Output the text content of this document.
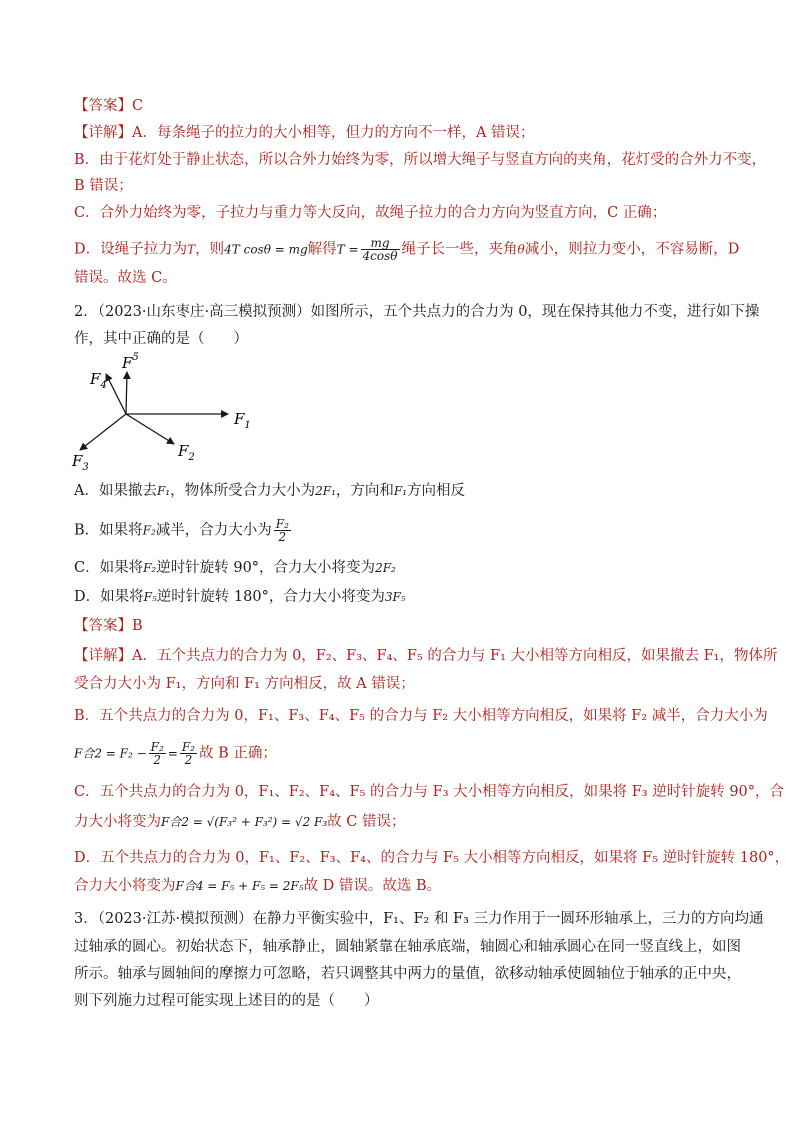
【答案】C
【详解】A．每条绳子的拉力的大小相等，但力的方向不一样，A 错误；
B．由于花灯处于静止状态，所以合外力始终为零，所以增大绳子与竖直方向的夹角，花灯受的合外力不变，
B 错误；
C．合外力始终为零，子拉力与重力等大反向，故绳子拉力的合力方向为竖直方向，C 正确；
D．设绳子拉力为T，则4T cosθ = mg解得$T = \frac{mg}{4\cos\theta}$ 绳子长一些，夹角θ减小，则拉力变小，不容易断，D
错误。故选 C。
2．（2023·山东枣庄·高三模拟预测）如图所示，五个共点力的合力为 0，现在保持其他力不变，进行如下操
作，其中正确的是（　　）
$F_1$
$F_2$
$F_3$
$F_4$
$F^5$
A．如果撤去F₁，物体所受合力大小为2F₁，方向和F₁方向相反
B．如果将F₂减半，合力大小为 $\frac{\text{F₂}}{2}$
C．如果将F₂逆时针旋转 90°，合力大小将变为2F₂
D．如果将F₅逆时针旋转 180°，合力大小将变为3F₅
【答案】B
【详解】A．五个共点力的合力为 0，F₂、F₃、F₄、F₅ 的合力与 F₁ 大小相等方向相反，如果撤去 F₁，物体所
受合力大小为 F₁，方向和 F₁ 方向相反，故 A 错误；
B．五个共点力的合力为 0，F₁、F₃、F₄、F₅ 的合力与 F₂ 大小相等方向相反，如果将 F₂ 减半，合力大小为
F合$2 = F_2 - \frac{\text{F₂}}{2} = \frac{\text{F₂}}{2}$ 故 B 正确；
C．五个共点力的合力为 0，F₁、F₂、F₄、F₅ 的合力与 F₃ 大小相等方向相反，如果将 F₃ 逆时针旋转 90°，合
力大小将变为F合2 = √(F₃² + F₃²) = √2 F₃故 C 错误；
D．五个共点力的合力为 0，F₁、F₂、F₃、F₄、的合力与 F₅ 大小相等方向相反，如果将 F₅ 逆时针旋转 180°，
合力大小将变为F合4 = F₅ + F₅ = 2F₅故 D 错误。故选 B。
3．（2023·江苏·模拟预测）在静力平衡实验中，F₁、F₂ 和 F₃ 三力作用于一圆环形轴承上，三力的方向均通
过轴承的圆心。初始状态下，轴承静止，圆轴紧靠在轴承底端，轴圆心和轴承圆心在同一竖直线上，如图
所示。轴承与圆轴间的摩擦力可忽略，若只调整其中两力的量值，欲移动轴承使圆轴位于轴承的正中央，
则下列施力过程可能实现上述目的的是（　　）
